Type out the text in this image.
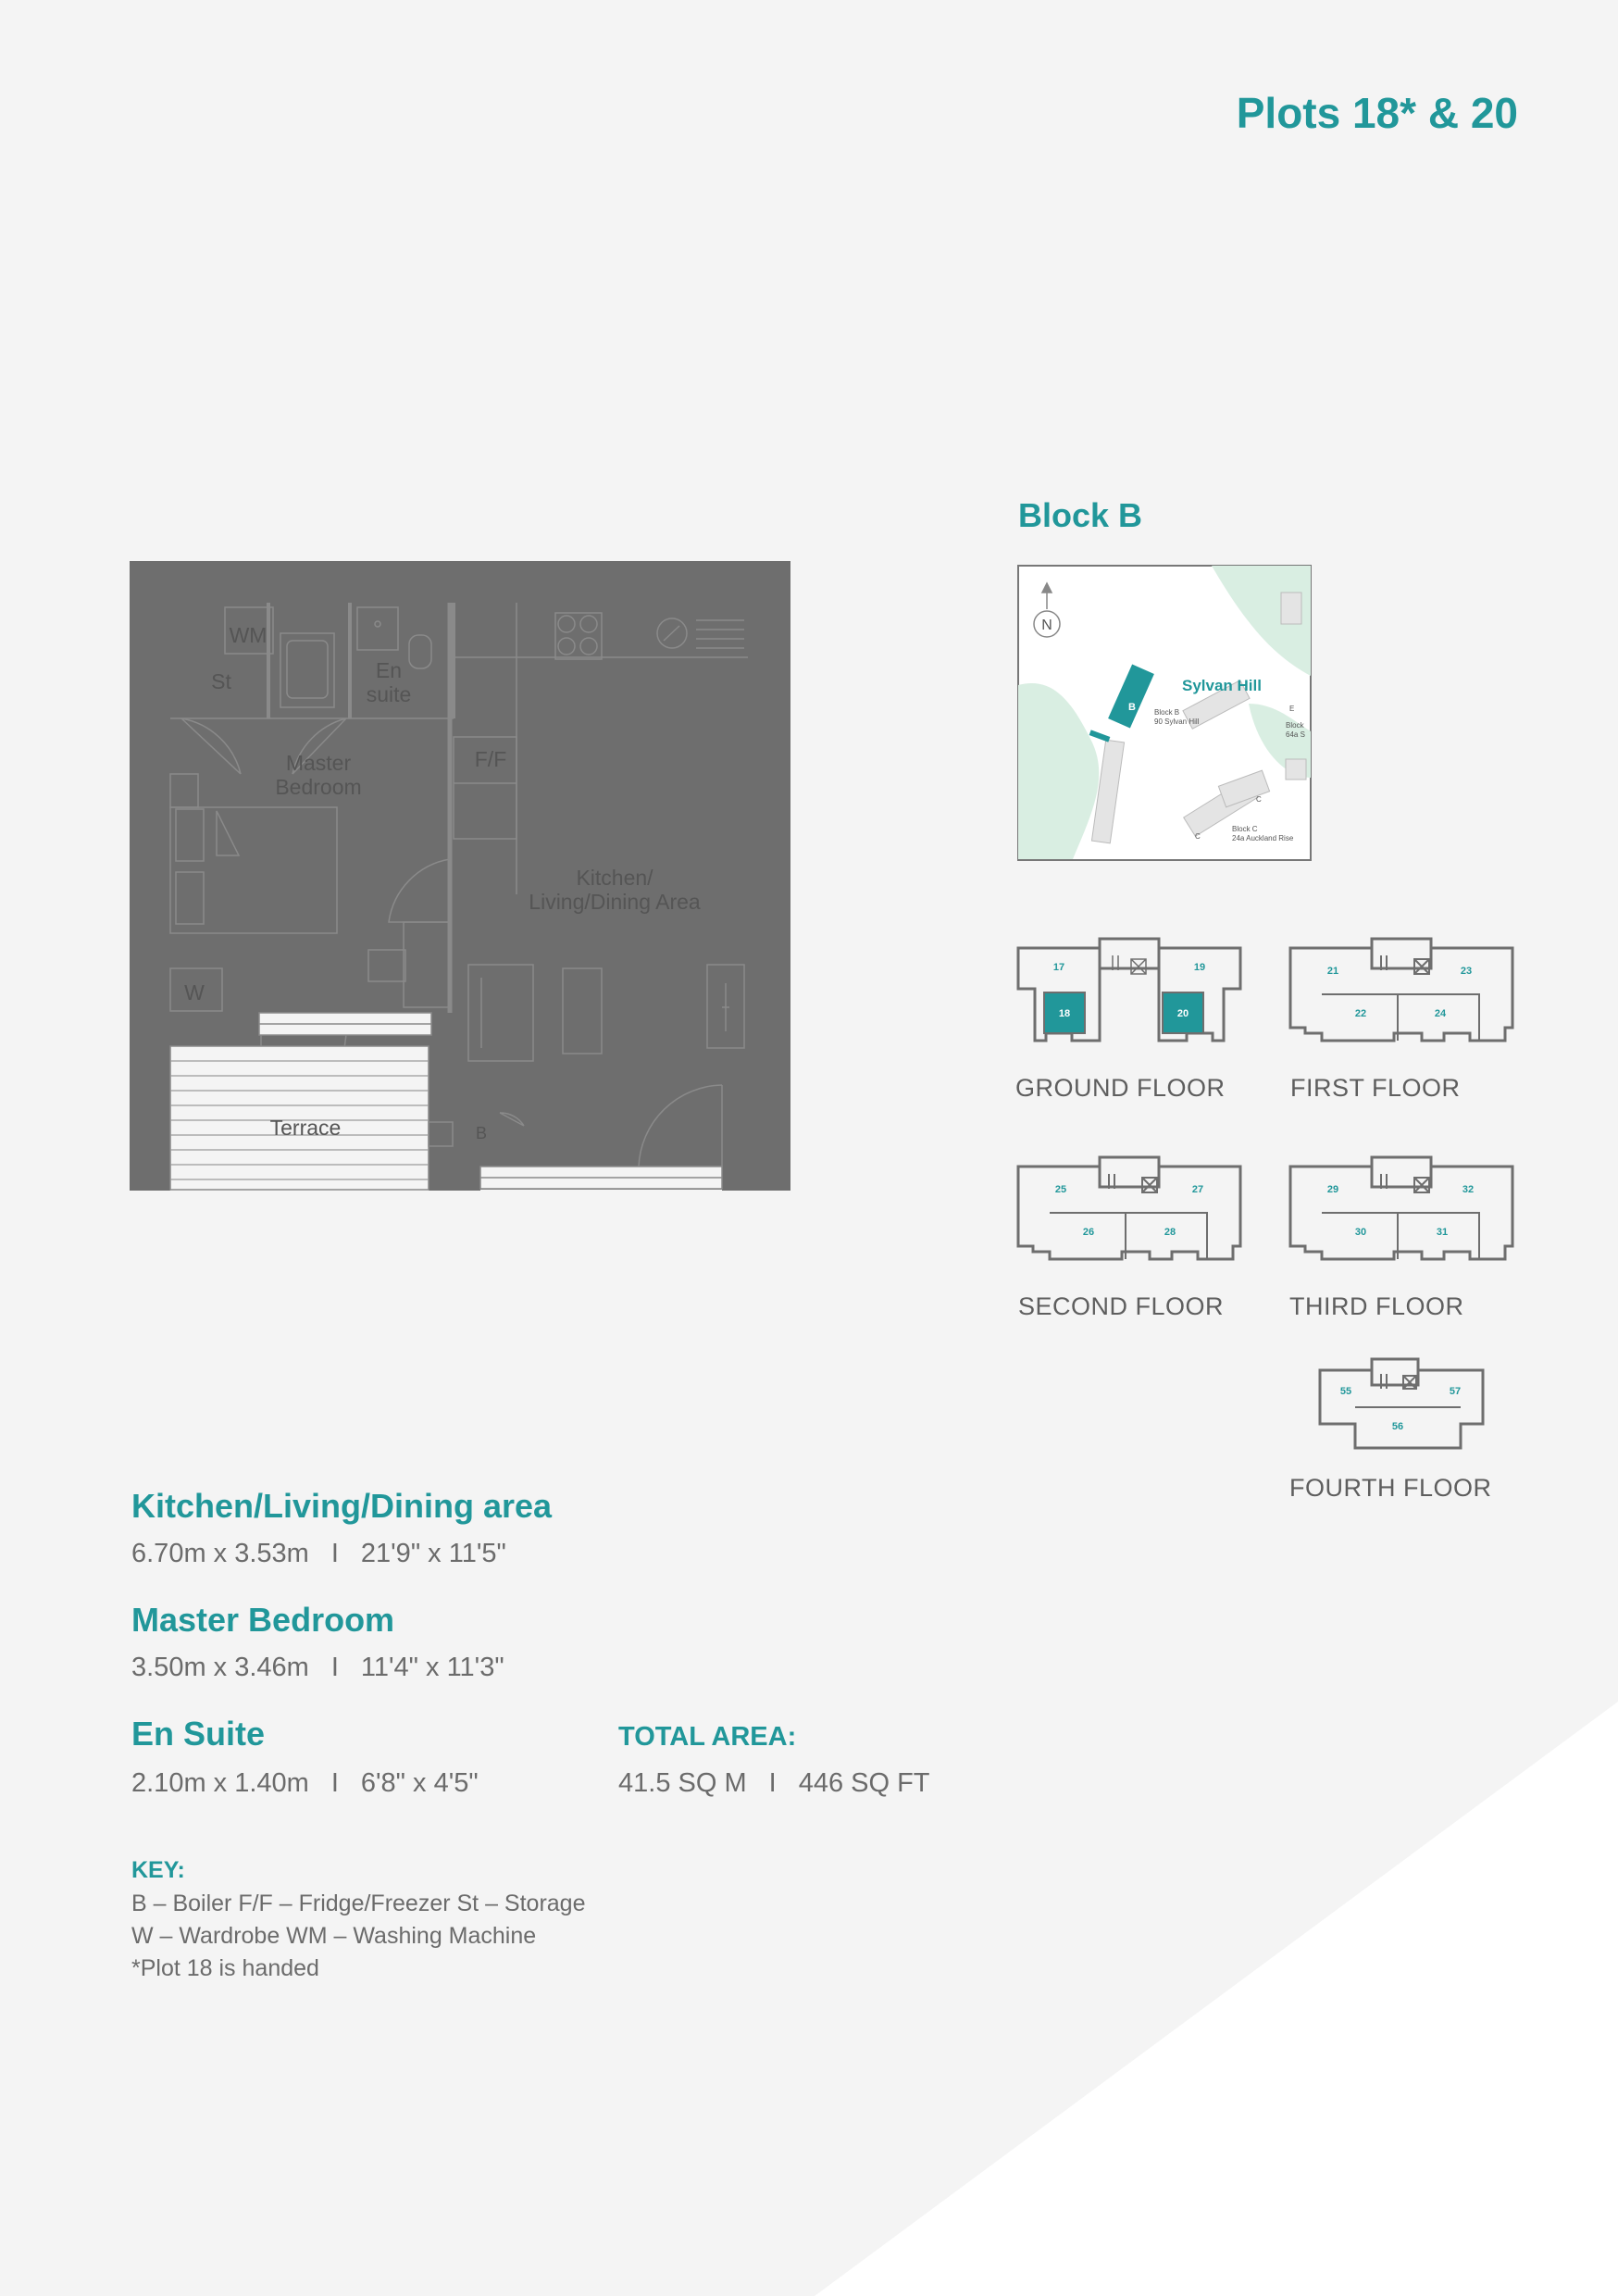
Plots 18* & 20
Block B
WM
St	En
suite
Master
Bedroom
F/F
Kitchen/
Living/Dining Area
W
B
Terrace
N
Sylvan Hill
B	Block B
90 Sylvan Hill
E
Block
64a S
C
C
Block C
24a Auckland Rise
17	19
18	20
GROUND FLOOR
21	23
22	24
FIRST FLOOR
25	27
26	28
SECOND FLOOR
29	32
30	31
THIRD FLOOR
55	57
56
FOURTH FLOOR
Kitchen/Living/Dining area
6.70m x 3.53m I 21'9" x 11'5"
Master Bedroom
3.50m x 3.46m I 11'4" x 11'3"
En Suite
2.10m x 1.40m I 6'8" x 4'5"
TOTAL AREA:
41.5 SQ M I 446 SQ FT
KEY:
B – Boiler F/F – Fridge/Freezer St – Storage
W – Wardrobe WM – Washing Machine
*Plot 18 is handed
